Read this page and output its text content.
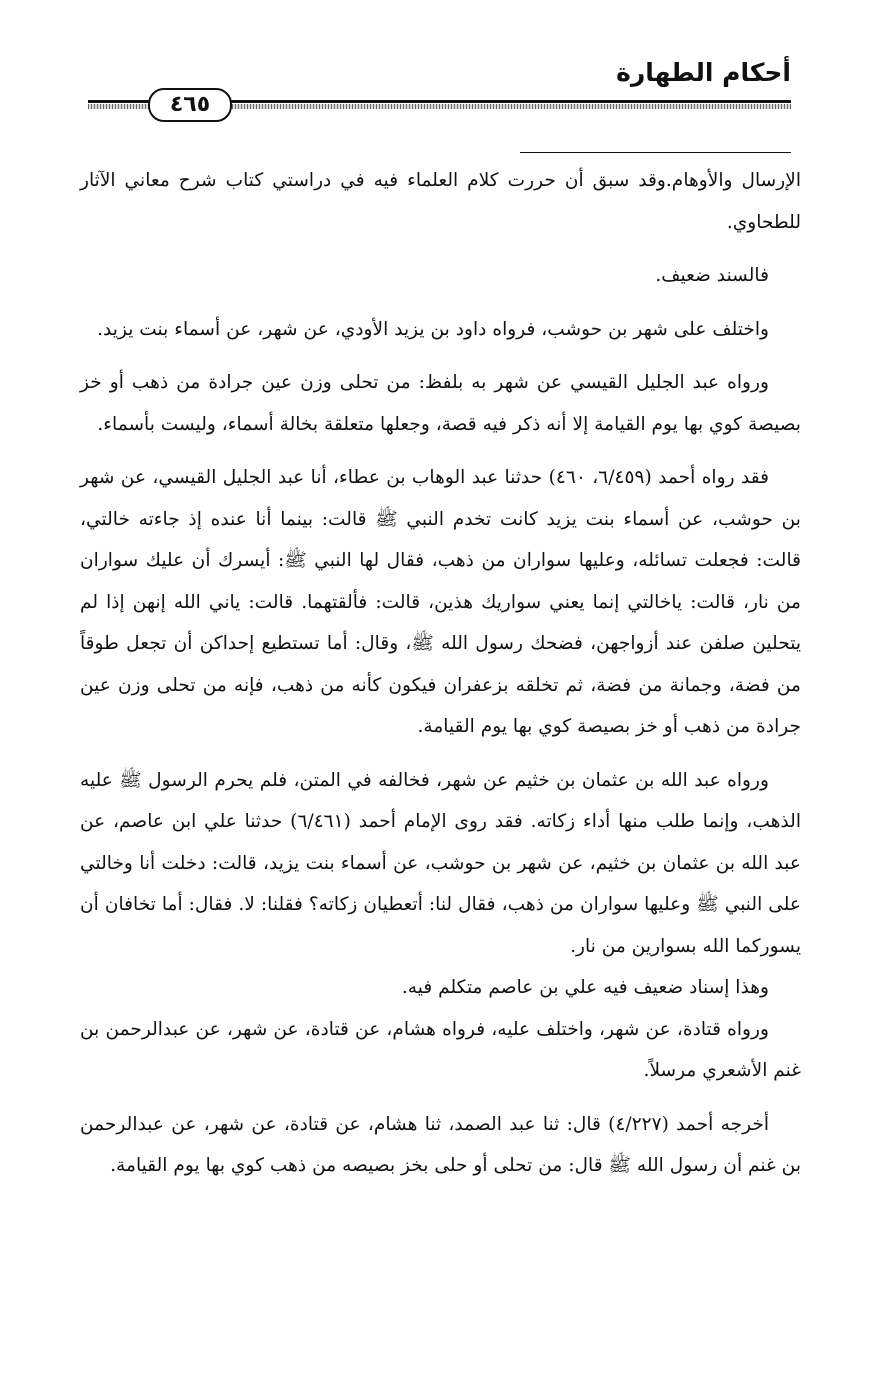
أحكام الطهارة
٤٦٥

الإرسال والأوهام.وقد سبق أن حررت كلام العلماء فيه في دراستي كتاب شرح معاني الآثار للطحاوي.

فالسند ضعيف.

واختلف على شهر بن حوشب، فرواه داود بن يزيد الأودي، عن شهر، عن أسماء بنت يزيد.

ورواه عبد الجليل القيسي عن شهر به بلفظ: من تحلى وزن عين جرادة من ذهب أو خز بصيصة كوي بها يوم القيامة إلا أنه ذكر فيه قصة، وجعلها متعلقة بخالة أسماء، وليست بأسماء.

فقد رواه أحمد (٦/٤٥٩، ٤٦٠) حدثنا عبد الوهاب بن عطاء، أنا عبد الجليل القيسي، عن شهر بن حوشب، عن أسماء بنت يزيد كانت تخدم النبي ﷺ قالت: بينما أنا عنده إذ جاءته خالتي، قالت: فجعلت تسائله، وعليها سواران من ذهب، فقال لها النبي ﷺ: أيسرك أن عليك سواران من نار، قالت: ياخالتي إنما يعني سواريك هذين، قالت: فألقتهما. قالت: ياني الله إنهن إذا لم يتحلين صلفن عند أزواجهن، فضحك رسول الله ﷺ، وقال: أما تستطيع إحداكن أن تجعل طوقاً من فضة، وجمانة من فضة، ثم تخلقه بزعفران فيكون كأنه من ذهب، فإنه من تحلى وزن عين جرادة من ذهب أو خز بصيصة كوي بها يوم القيامة.

ورواه عبد الله بن عثمان بن خثيم عن شهر، فخالفه في المتن، فلم يحرم الرسول ﷺ عليه الذهب، وإنما طلب منها أداء زكاته. فقد روى الإمام أحمد (٦/٤٦١) حدثنا علي ابن عاصم، عن عبد الله بن عثمان بن خثيم، عن شهر بن حوشب، عن أسماء بنت يزيد، قالت: دخلت أنا وخالتي على النبي ﷺ وعليها سواران من ذهب، فقال لنا: أتعطيان زكاته؟ فقلنا: لا. فقال: أما تخافان أن يسوركما الله بسوارين من نار.

وهذا إسناد ضعيف فيه علي بن عاصم متكلم فيه.

ورواه قتادة، عن شهر، واختلف عليه، فرواه هشام، عن قتادة، عن شهر، عن عبدالرحمن بن غنم الأشعري مرسلاً.

أخرجه أحمد (٤/٢٢٧) قال: ثنا عبد الصمد، ثنا هشام، عن قتادة، عن شهر، عن عبدالرحمن بن غنم أن رسول الله ﷺ قال: من تحلى أو حلى بخز بصيصه من ذهب كوي بها يوم القيامة.
